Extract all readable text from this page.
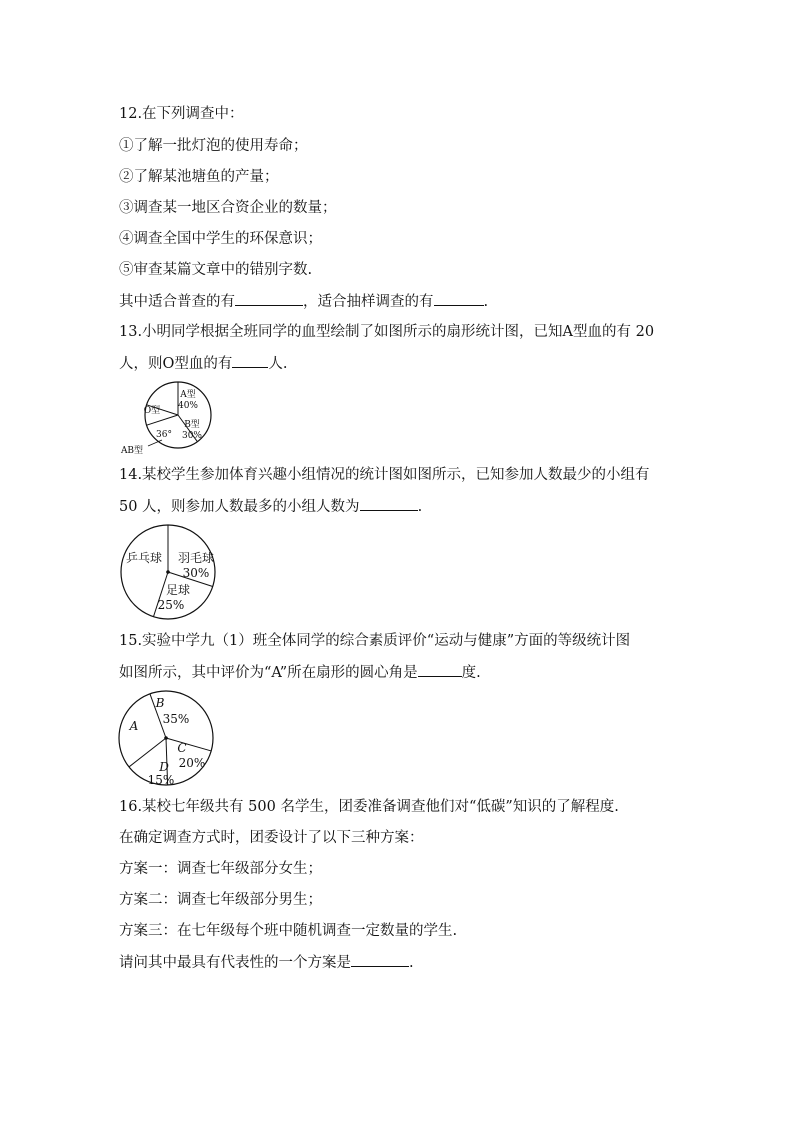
12.在下列调查中：
①了解一批灯泡的使用寿命；
②了解某池塘鱼的产量；
③调查某一地区合资企业的数量；
④调查全国中学生的环保意识；
⑤审查某篇文章中的错别字数.
其中适合普查的有	，适合抽样调查的有	.
13.小明同学根据全班同学的血型绘制了如图所示的扇形统计图，已知A型血的有 20
人，则O型血的有 人.
A型
40%
B型
30%
O型
36°
AB型
14.某校学生参加体育兴趣小组情况的统计图如图所示，已知参加人数最少的小组有
50 人，则参加人数最多的小组人数为	.
乒乓球 羽毛球
30%
足球
25%
15.实验中学九（1）班全体同学的综合素质评价“运动与健康”方面的等级统计图
如图所示，其中评价为“A”所在扇形的圆心角是	度.
B
35%
C
20%
D
15%
A
16.某校七年级共有 500 名学生，团委准备调查他们对“低碳”知识的了解程度.
在确定调查方式时，团委设计了以下三种方案：
方案一：调查七年级部分女生；
方案二：调查七年级部分男生；
方案三：在七年级每个班中随机调查一定数量的学生.
请问其中最具有代表性的一个方案是	.
